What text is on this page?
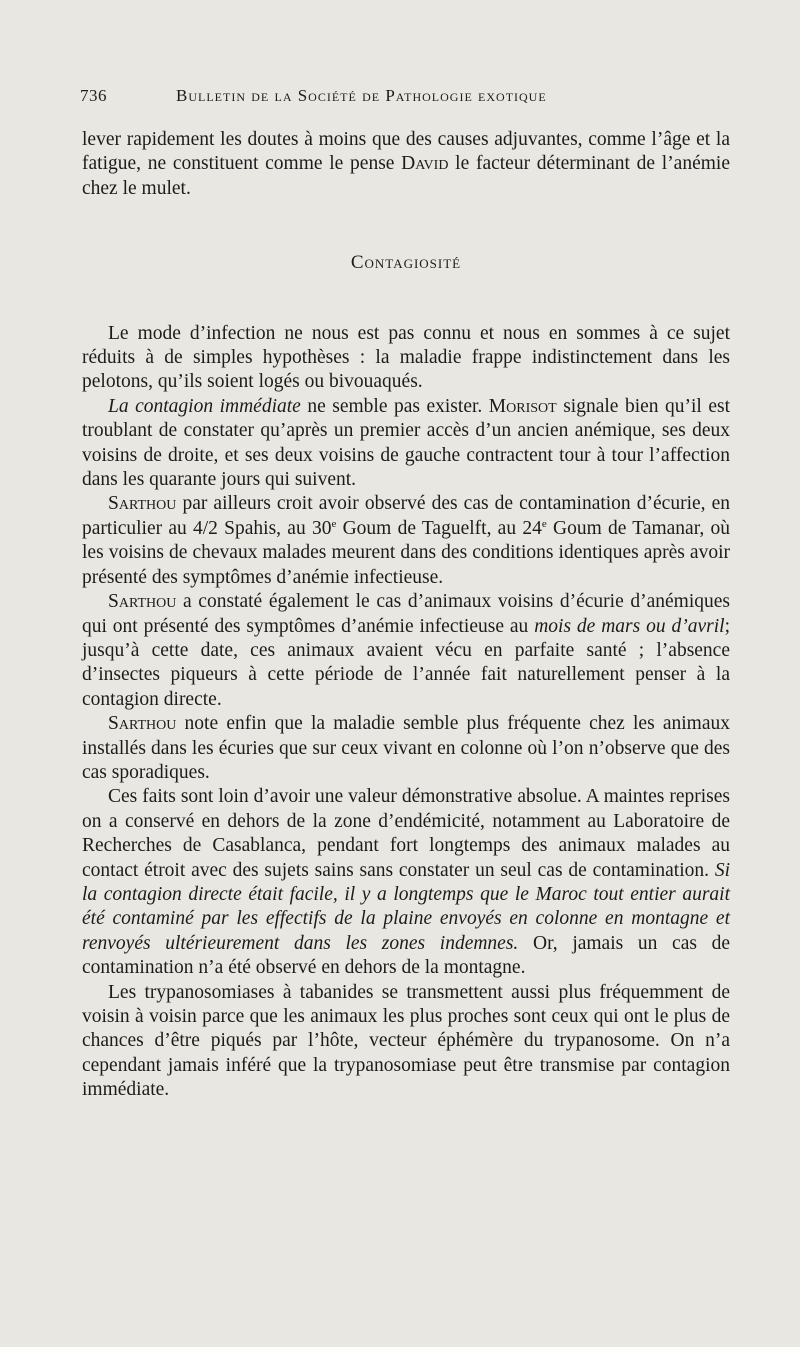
736	Bulletin de la Société de Pathologie exotique

lever rapidement les doutes à moins que des causes adjuvantes, comme l’âge et la fatigue, ne constituent comme le pense David le facteur déterminant de l’anémie chez le mulet.

Contagiosité

Le mode d’infection ne nous est pas connu et nous en sommes à ce sujet réduits à de simples hypothèses : la maladie frappe indistinctement dans les pelotons, qu’ils soient logés ou bivouaqués.

La contagion immédiate ne semble pas exister. Morisot signale bien qu’il est troublant de constater qu’après un premier accès d’un ancien anémique, ses deux voisins de droite, et ses deux voisins de gauche contractent tour à tour l’affection dans les quarante jours qui suivent.

Sarthou par ailleurs croit avoir observé des cas de contamination d’écurie, en particulier au 4/2 Spahis, au 30e Goum de Taguelft, au 24e Goum de Tamanar, où les voisins de chevaux malades meurent dans des conditions identiques après avoir présenté des symptômes d’anémie infectieuse.

Sarthou a constaté également le cas d’animaux voisins d’écurie d’anémiques qui ont présenté des symptômes d’anémie infectieuse au mois de mars ou d’avril; jusqu’à cette date, ces animaux avaient vécu en parfaite santé ; l’absence d’insectes piqueurs à cette période de l’année fait naturellement penser à la contagion directe.

Sarthou note enfin que la maladie semble plus fréquente chez les animaux installés dans les écuries que sur ceux vivant en colonne où l’on n’observe que des cas sporadiques.

Ces faits sont loin d’avoir une valeur démonstrative absolue. A maintes reprises on a conservé en dehors de la zone d’endémicité, notamment au Laboratoire de Recherches de Casablanca, pendant fort longtemps des animaux malades au contact étroit avec des sujets sains sans constater un seul cas de contamination. Si la contagion directe était facile, il y a longtemps que le Maroc tout entier aurait été contaminé par les effectifs de la plaine envoyés en colonne en montagne et renvoyés ultérieurement dans les zones indemnes. Or, jamais un cas de contamination n’a été observé en dehors de la montagne.

Les trypanosomiases à tabanides se transmettent aussi plus fréquemment de voisin à voisin parce que les animaux les plus proches sont ceux qui ont le plus de chances d’être piqués par l’hôte, vecteur éphémère du trypanosome. On n’a cependant jamais inféré que la trypanosomiase peut être transmise par contagion immédiate.
